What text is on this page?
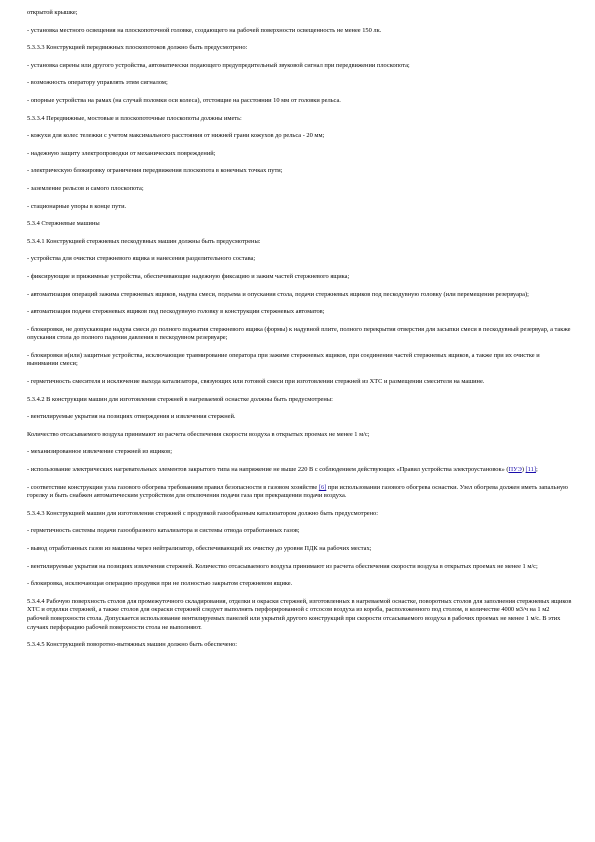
открытой крышке;

- установка местного освещения на плоскопоточной головке, создающего на рабочей поверхности освещенность не менее 150 лк.

5.3.3.3 Конструкцией передвижных плоскопотоков должно быть предусмотрено:

- установка сирены или другого устройства, автоматически подающего предупредительный звуковой сигнал при передвижении плоскопота;

- возможность оператору управлять этим сигналом;

- опорные устройства на рамах (на случай поломки оси колеса), отстоящие на расстоянии 10 мм от головки рельса.

5.3.3.4 Передвижные, мостовые и плоскопоточные плоскопоты должны иметь:

- кожухи для колес тележки с учетом максимального расстояния от нижней грани кожухов до рельса - 20 мм;

- надежную защиту электропроводки от механических повреждений;

- электрическую блокировку ограничения передвижения плоскопота в конечных точках пути;

- заземление рельсов и самого плоскопота;

- стационарные упоры в конце пути.

5.3.4 Стержневые машины

5.3.4.1 Конструкцией стержневых пескодувных машин должны быть предусмотрены:

- устройства для очистки стержневого ящика и нанесения разделительного состава;

- фиксирующие и прижимные устройства, обеспечивающие надежную фиксацию и зажим частей стержневого ящика;

- автоматизация операций зажима стержневых ящиков, надува смеси, подъема и опускания стола, подачи стержневых ящиков под пескодувную головку (или перемещения резервуара);

- автоматизация подачи стержневых ящиков под пескодувную головку в конструкции стержневых автоматов;

- блокировки, не допускающие надува смеси до полного поджатия стержневого ящика (формы) к надувной плите, полного перекрытия отверстия для засыпки смеси в пескодувный резервуар, а также опускания стола до полного падения давления в пескодувном резервуаре;

- блокировки и(или) защитные устройства, исключающие травмирование оператора при зажиме стержневых ящиков, при соединении частей стержневых ящиков, а также при их очистке и вынимании смеси;

- герметичность смесителя и исключение выхода катализатора, связующих или готовой смеси при изготовлении стержней из ХТС и размещении смесителя на машине.

5.3.4.2 В конструкции машин для изготовления стержней в нагреваемой оснастке должны быть предусмотрены:

- вентилируемые укрытия на позициях отверждения и извлечения стержней.

Количество отсасываемого воздуха принимают из расчета обеспечения скорости воздуха в открытых проемах не менее 1 м/с;

- механизированное извлечение стержней из ящиков;

- использование электрических нагревательных элементов закрытого типа на напряжение не выше 220 В с соблюдением действующих «Правил устройства электроустановок» (ПУЭ) [11];

- соответствие конструкции узла газового обогрева требованиям правил безопасности в газовом хозяйстве [6] при использовании газового обогрева оснастки. Узел обогрева должен иметь запальную горелку и быть снабжен автоматическим устройством для отключения подачи газа при прекращении подачи воздуха.

5.3.4.3 Конструкцией машин для изготовления стержней с продувкой газообразным катализатором должно быть предусмотрено:

- герметичность системы подачи газообразного катализатора и системы отвода отработанных газов;

- вывод отработанных газов из машины через нейтрализатор, обеспечивающий их очистку до уровня ПДК на рабочих местах;

- вентилируемые укрытия на позициях извлечения стержней. Количество отсасываемого воздуха принимают из расчета обеспечения скорости воздуха в открытых проемах не менее 1 м/с;

- блокировка, исключающая операцию продувки при не полностью закрытом стержневом ящике.

5.3.4.4 Рабочую поверхность столов для промежуточного складирования, отделки и окраски стержней, изготовленных в нагреваемой оснастке, поворотных столов для заполнения стержневых ящиков ХТС и отделки стержней, а также столов для окраски стержней следует выполнять перфорированной с отсосом воздуха из короба, расположенного под столом, в количестве 4000 м3/ч на 1 м2 рабочей поверхности стола. Допускается использование вентилируемых панелей или укрытий другого конструкций при скорости отсасываемого воздуха в рабочих проемах не менее 1 м/с. В этих случаях перфорацию рабочей поверхности стола не выполняют.

5.3.4.5 Конструкцией поворотно-вытяжных машин должно быть обеспечено:
